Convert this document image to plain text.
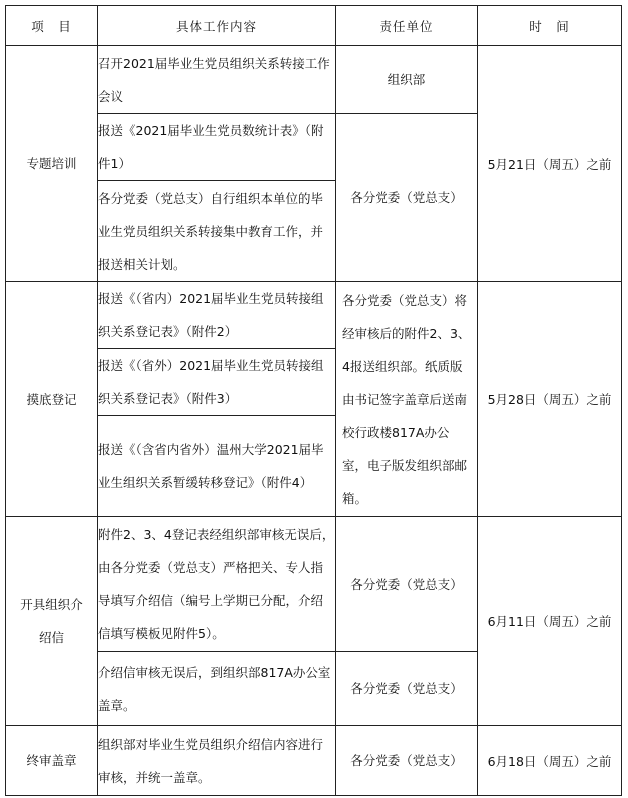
项　目	具体工作内容	责任单位	时　间
专题培训	召开2021届毕业生党员组织关系转接工作会议	组织部	5月21日（周五）之前
	报送《2021届毕业生党员数统计表》（附件1）	各分党委（党总支）	
	各分党委（党总支）自行组织本单位的毕业生党员组织关系转接集中教育工作，并报送相关计划。		
摸底登记	报送《（省内）2021届毕业生党员转接组织关系登记表》（附件2）	各分党委（党总支）将经审核后的附件2、3、4报送组织部。纸质版由书记签字盖章后送南校行政楼817A办公室，电子版发组织部邮箱。	5月28日（周五）之前
	报送《（省外）2021届毕业生党员转接组织关系登记表》（附件3）		
	报送《（含省内省外）温州大学2021届毕业生组织关系暂缓转移登记》（附件4）		
开具组织介绍信	附件2、3、4登记表经组织部审核无误后，由各分党委（党总支）严格把关、专人指导填写介绍信（编号上学期已分配，介绍信填写模板见附件5）。	各分党委（党总支）	6月11日（周五）之前
	介绍信审核无误后，到组织部817A办公室盖章。	各分党委（党总支）	
终审盖章	组织部对毕业生党员组织介绍信内容进行审核，并统一盖章。	各分党委（党总支）	6月18日（周五）之前
